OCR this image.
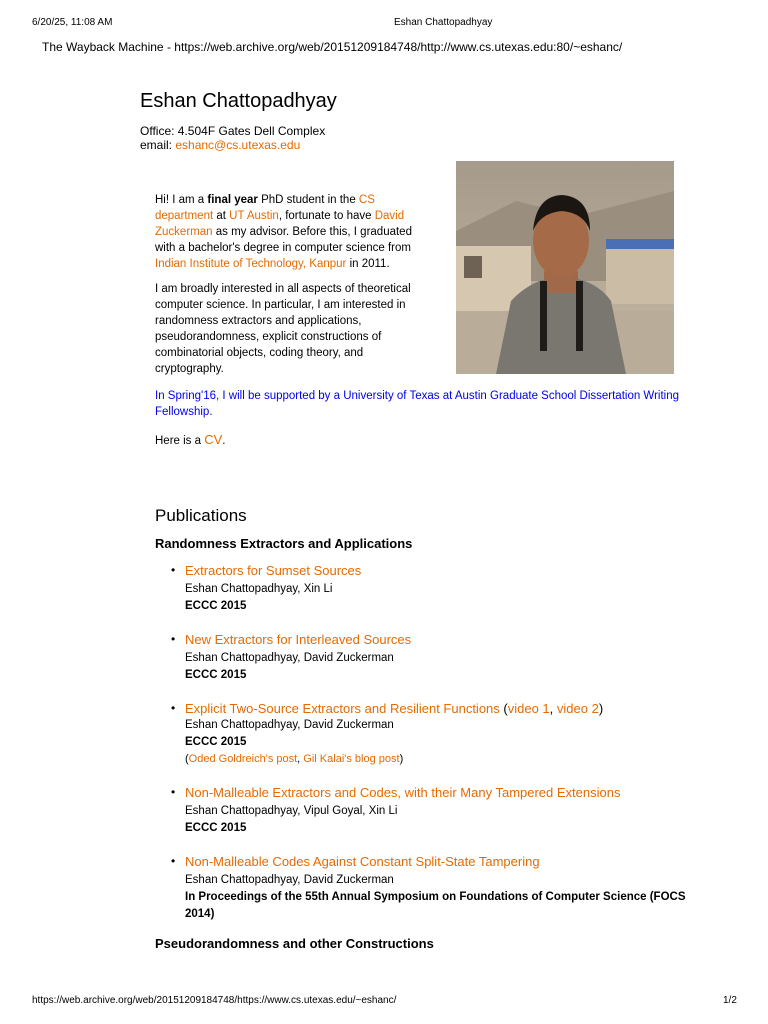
6/20/25, 11:08 AM	Eshan Chattopadhyay
The Wayback Machine - https://web.archive.org/web/20151209184748/http://www.cs.utexas.edu:80/~eshanc/
Eshan Chattopadhyay
Office: 4.504F Gates Dell Complex
email: eshanc@cs.utexas.edu

Hi! I am a final year PhD student in the CS department at UT Austin, fortunate to have David Zuckerman as my advisor. Before this, I graduated with a bachelor's degree in computer science from Indian Institute of Technology, Kanpur in 2011.

I am broadly interested in all aspects of theoretical computer science. In particular, I am interested in randomness extractors and applications, pseudorandomness, explicit constructions of combinatorial objects, coding theory, and cryptography.

In Spring'16, I will be supported by a University of Texas at Austin Graduate School Dissertation Writing Fellowship.
Here is a CV.
Publications
Randomness Extractors and Applications
• Extractors for Sumset Sources
Eshan Chattopadhyay, Xin Li
ECCC 2015
• New Extractors for Interleaved Sources
Eshan Chattopadhyay, David Zuckerman
ECCC 2015
• Explicit Two-Source Extractors and Resilient Functions (video 1, video 2)
Eshan Chattopadhyay, David Zuckerman
ECCC 2015
(Oded Goldreich's post, Gil Kalai's blog post)
• Non-Malleable Extractors and Codes, with their Many Tampered Extensions
Eshan Chattopadhyay, Vipul Goyal, Xin Li
ECCC 2015
• Non-Malleable Codes Against Constant Split-State Tampering
Eshan Chattopadhyay, David Zuckerman
In Proceedings of the 55th Annual Symposium on Foundations of Computer Science (FOCS 2014)
Pseudorandomness and other Constructions
https://web.archive.org/web/20151209184748/https://www.cs.utexas.edu/~eshanc/	1/2
